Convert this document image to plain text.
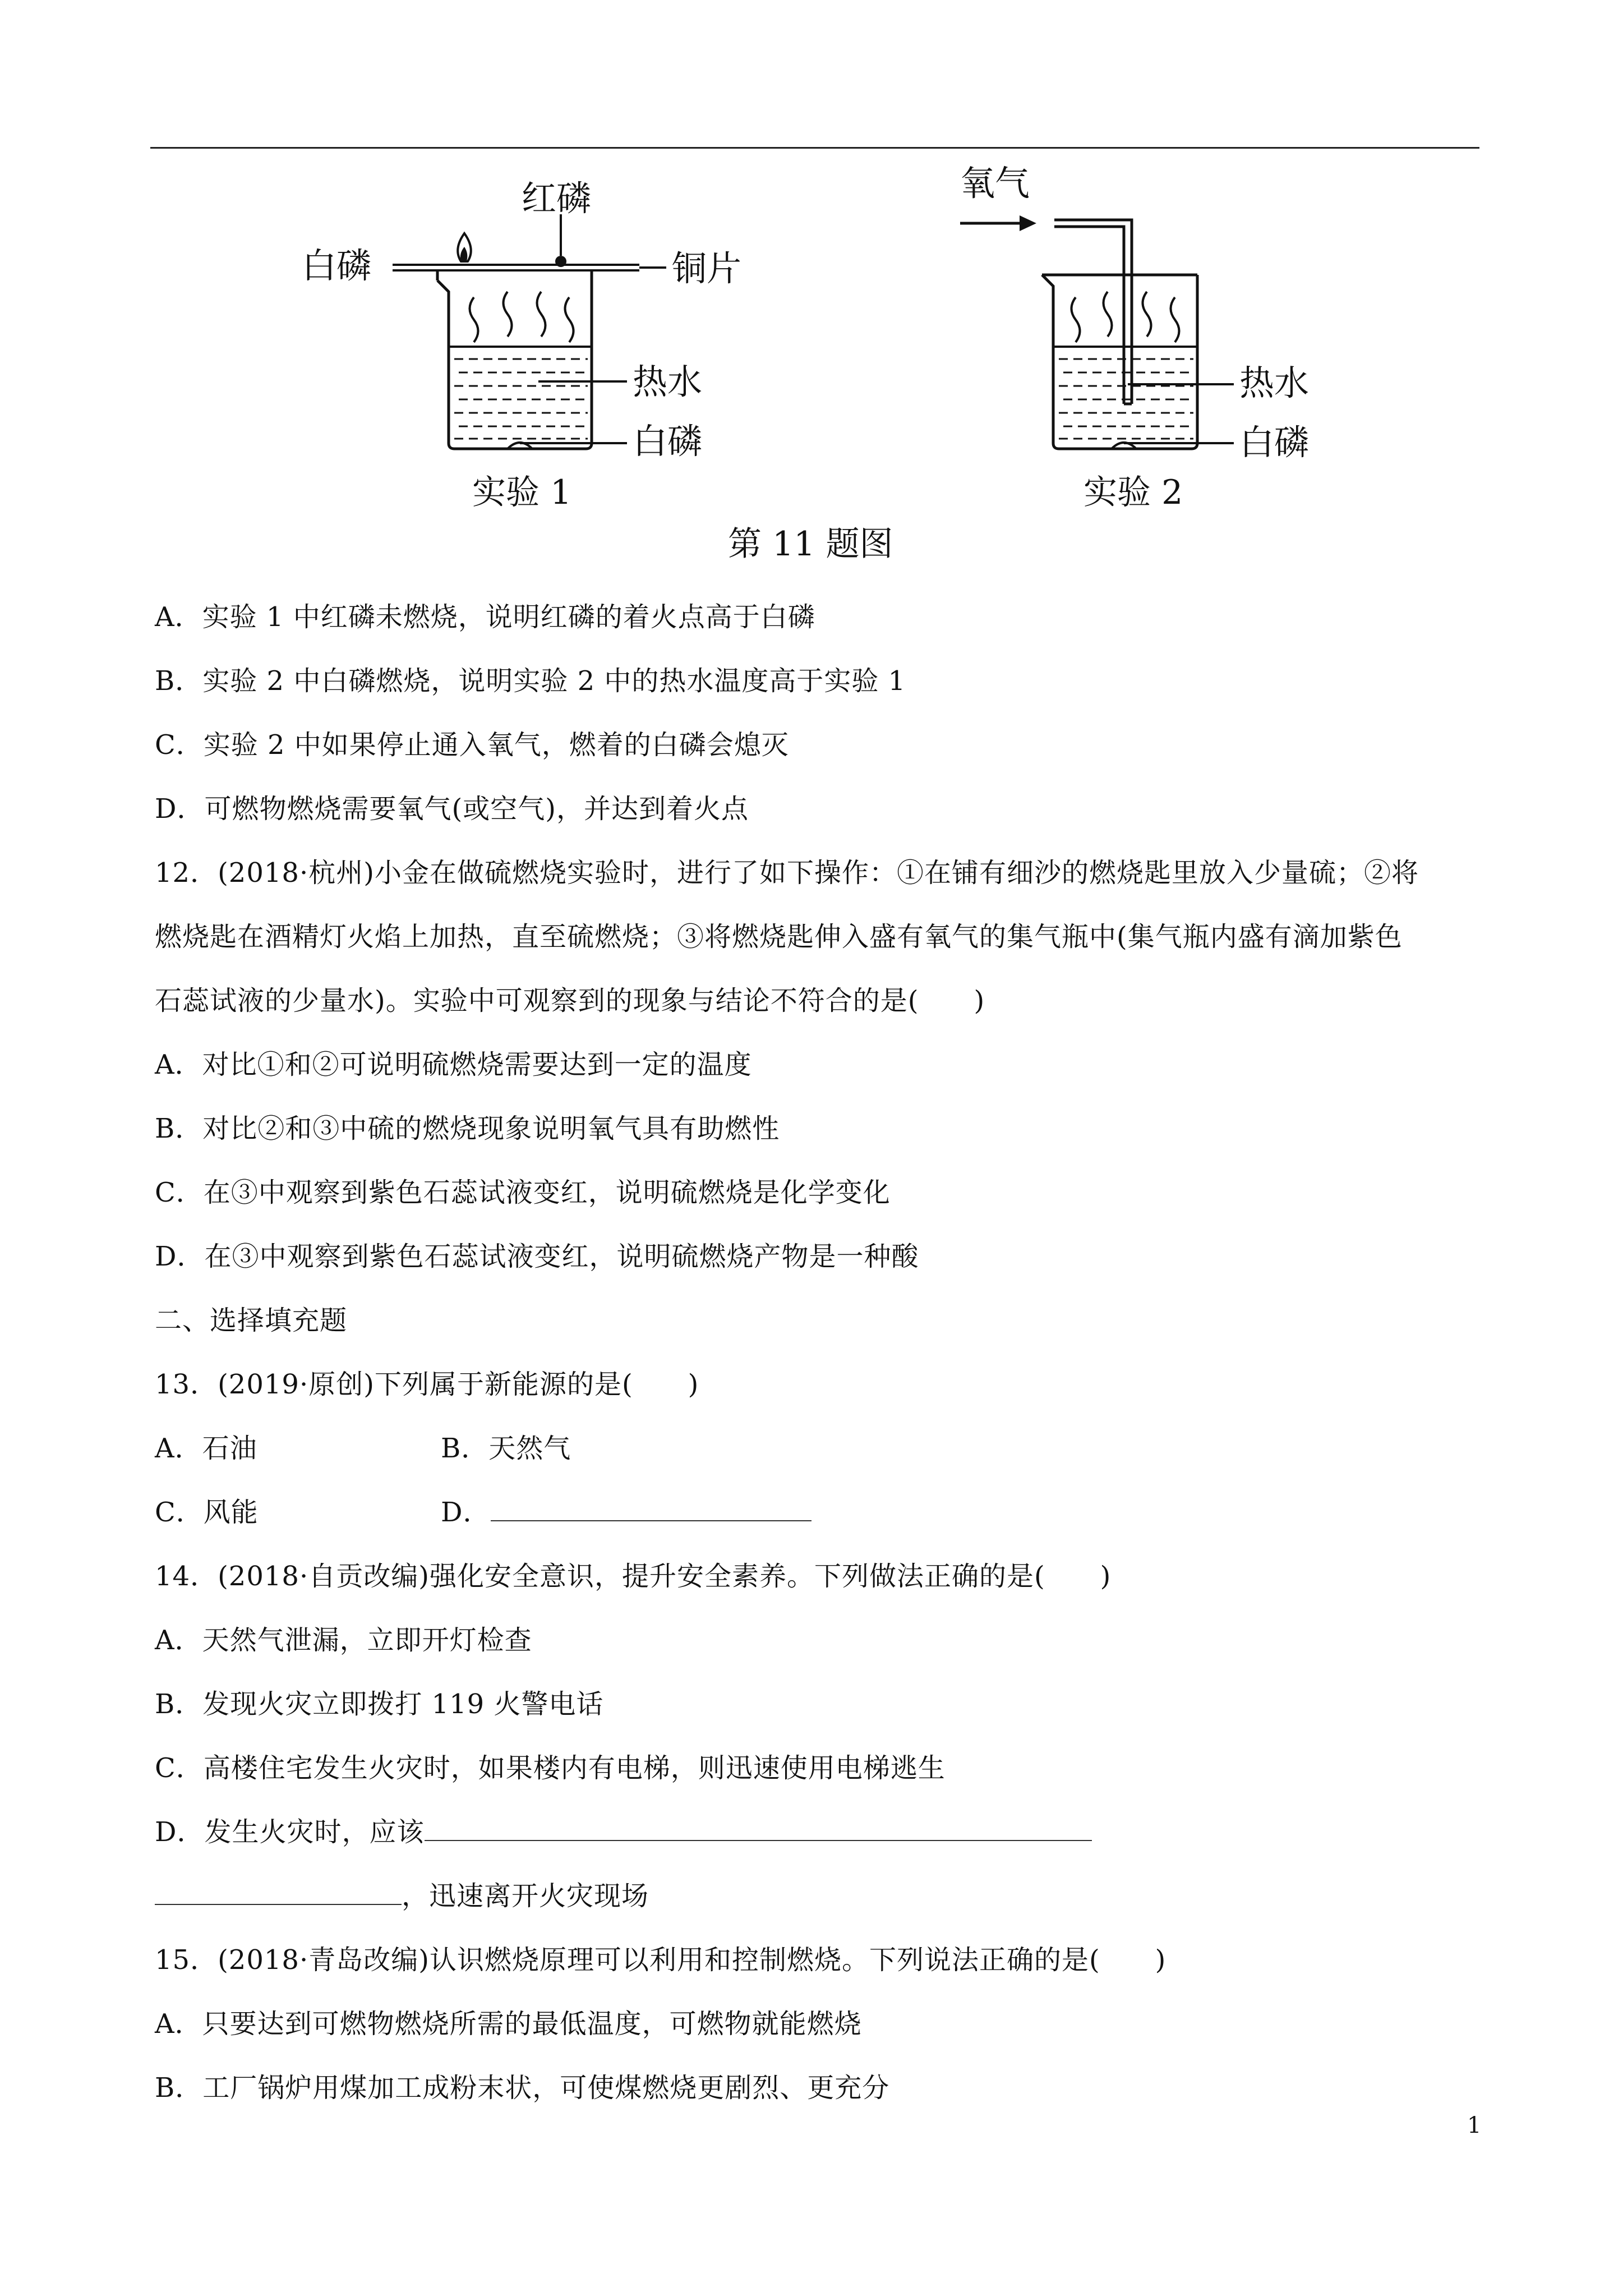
红磷
白磷	铜片
热水
白磷
实验 1
氧气
热水
白磷
实验 2
第 11 题图
A．实验 1 中红磷未燃烧，说明红磷的着火点高于白磷
B．实验 2 中白磷燃烧，说明实验 2 中的热水温度高于实验 1
C．实验 2 中如果停止通入氧气，燃着的白磷会熄灭
D．可燃物燃烧需要氧气(或空气)，并达到着火点
12．(2018·杭州)小金在做硫燃烧实验时，进行了如下操作：①在铺有细沙的燃烧匙里放入少量硫；②将
燃烧匙在酒精灯火焰上加热，直至硫燃烧；③将燃烧匙伸入盛有氧气的集气瓶中(集气瓶内盛有滴加紫色
石蕊试液的少量水)。实验中可观察到的现象与结论不符合的是(　　)
A．对比①和②可说明硫燃烧需要达到一定的温度
B．对比②和③中硫的燃烧现象说明氧气具有助燃性
C．在③中观察到紫色石蕊试液变红，说明硫燃烧是化学变化
D．在③中观察到紫色石蕊试液变红，说明硫燃烧产物是一种酸
二、选择填充题
13．(2019·原创)下列属于新能源的是(　　)
A．石油	B．天然气
C．风能	D．
14．(2018·自贡改编)强化安全意识，提升安全素养。下列做法正确的是(　　)
A．天然气泄漏，立即开灯检查
B．发现火灾立即拨打 119 火警电话
C．高楼住宅发生火灾时，如果楼内有电梯，则迅速使用电梯逃生
D．发生火灾时，应该
，迅速离开火灾现场
15．(2018·青岛改编)认识燃烧原理可以利用和控制燃烧。下列说法正确的是(　　)
A．只要达到可燃物燃烧所需的最低温度，可燃物就能燃烧
B．工厂锅炉用煤加工成粉末状，可使煤燃烧更剧烈、更充分
1
